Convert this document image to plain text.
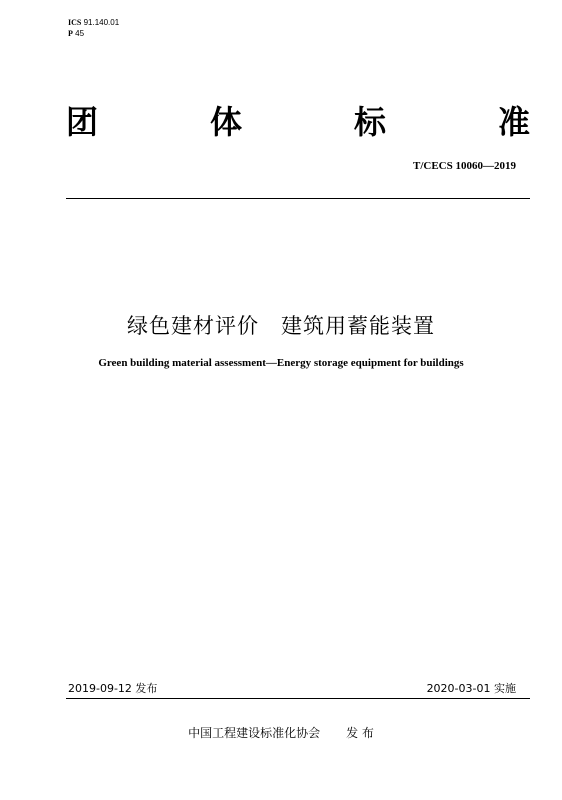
ICS 91.140.01
P 45
团	体	标	准
T/CECS 10060—2019
绿色建材评价　建筑用蓄能装置
Green building material assessment—Energy storage equipment for buildings
2019-09-12 发布	2020-03-01 实施
中国工程建设标准化协会 发 布
